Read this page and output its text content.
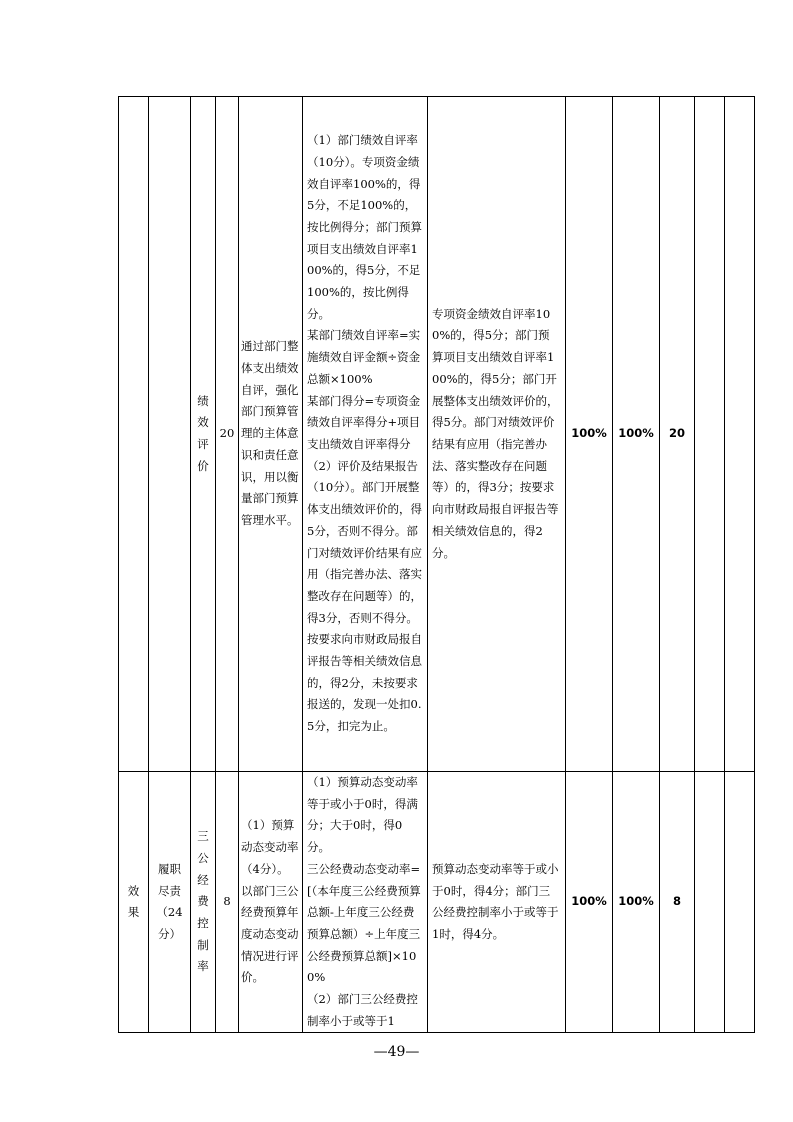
		绩效评价	20	通过部门整体支出绩效自评，强化部门预算管理的主体意识和责任意识，用以衡量部门预算管理水平。	（1）部门绩效自评率（10分）。专项资金绩效自评率100%的，得5分，不足100%的，按比例得分；部门预算项目支出绩效自评率100%的，得5分，不足100%的，按比例得分。
某部门绩效自评率=实施绩效自评金额÷资金总额×100%
某部门得分=专项资金绩效自评率得分+项目支出绩效自评率得分
（2）评价及结果报告（10分）。部门开展整体支出绩效评价的，得5分，否则不得分。部门对绩效评价结果有应用（指完善办法、落实整改存在问题等）的，得3分，否则不得分。按要求向市财政局报自评报告等相关绩效信息的，得2分，未按要求报送的，发现一处扣0.5分，扣完为止。	专项资金绩效自评率100%的，得5分；部门预算项目支出绩效自评率100%的，得5分；部门开展整体支出绩效评价的，得5分。部门对绩效评价结果有应用（指完善办法、落实整改存在问题等）的，得3分；按要求向市财政局报自评报告等相关绩效信息的，得2分。	100%	100%	20		

效果	履职尽责（24分）	三公经费控制率	8	（1）预算动态变动率（4分）。以部门三公经费预算年度动态变动情况进行评价。	（1）预算动态变动率等于或小于0时，得满分；大于0时，得0分。
三公经费动态变动率=[（本年度三公经费预算总额-上年度三公经费预算总额）÷上年度三公经费预算总额]×100%
（2）部门三公经费控制率小于或等于1	预算动态变动率等于或小于0时，得4分；部门三公经费控制率小于或等于1时，得4分。	100%	100%	8		
—49—
